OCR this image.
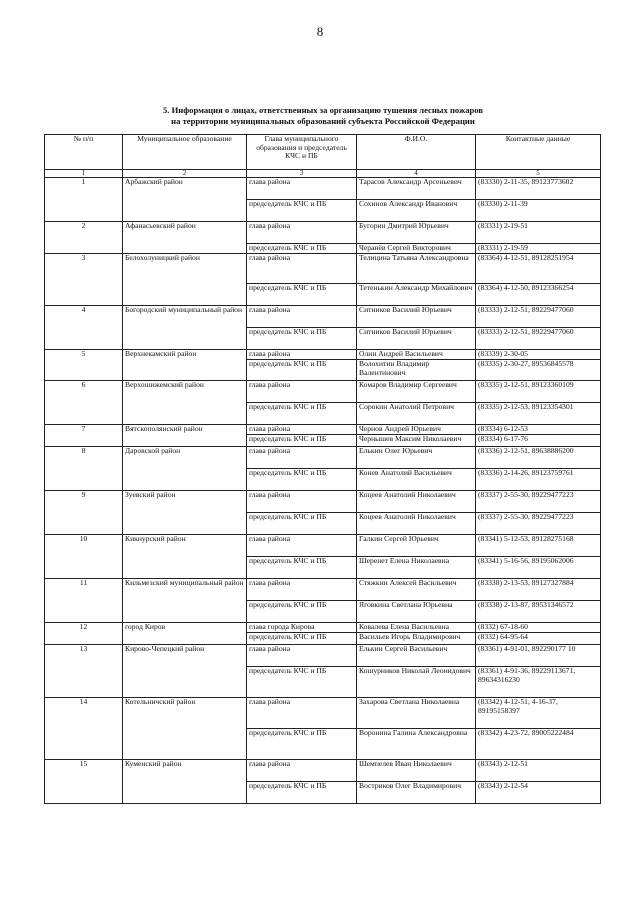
8
5. Информация о лицах, ответственных за организацию тушения лесных пожаров
на территории муниципальных образований субъекта Российской Федерации
№ п/п	Муниципальное образование	Глава муниципального образования и председатель КЧС и ПБ	Ф.И.О.	Контактные данные
1	2	3	4	5
1	Арбажский район	глава района	Тарасов Александр Арсеньевич	(83330) 2-11-35, 89123773602
		председатель КЧС и ПБ	Сохинов Александр Иванович	(83330) 2-11-39
2	Афанасьевский район	глава района	Бугорин Дмитрий Юрьевич	(83331) 2-19-51
		председатель КЧС и ПБ	Черанёв Сергей Викторович	(83331) 2-19-59
3	Белохолуницкий район	глава района	Телицина Татьяна Александровна	(83364) 4-12-51, 89128251954
		председатель КЧС и ПБ	Тетенькин Александр Михайлович	(83364) 4-12-50, 89123366254
4	Богородский муниципальный район	глава района	Ситников Василий Юрьевич	(83333) 2-12-51, 89229477060
		председатель КЧС и ПБ	Ситников Василий Юрьевич	(83333) 2-12-51, 89229477060
5	Верхнекамский район	глава района	Олин Андрей Васильевич	(83339) 2-30-05
		председатель КЧС и ПБ	Волохитин Владимир Валентинович	(83335) 2-30-27, 89536845578
6	Верхошижемский район	глава района	Комаров Владимир Сергеевич	(83335) 2-12-51, 89123360109
		председатель КЧС и ПБ	Сорокин Анатолий Петрович	(83335) 2-12-53, 89123354301
7	Вятскополянский район	глава района	Чернов Андрей Юрьевич	(83334) 6-12-53
		председатель КЧС и ПБ	Чернышев Максим Николаевич	(83334) 6-17-76
8	Даровской район	глава района	Елькин Олег Юрьевич	(83336) 2-12-51, 89638886200
		председатель КЧС и ПБ	Конев Анатолий Васильевич	(83336) 2-14-26, 89123759761
9	Зуевский район	глава района	Коцеев Анатолий Николаевич	(83337) 2-55-30, 89229477223
		председатель КЧС и ПБ	Коцеев Анатолий Николаевич	(83337) 2-55-30, 89229477223
10	Кикнурский район	глава района	Галкин Сергей Юрьевич	(83341) 5-12-53, 89128275168
		председатель КЧС и ПБ	Шеренет Елена Николаевна	(83341) 5-16-56, 89195062006
11	Кильмезский муниципальный район	глава района	Стяжкин Алексей Васильевич	(83338) 2-13-53, 89127327884
		председатель КЧС и ПБ	Яговкина Светлана Юрьевна	(83338) 2-13-87, 89531346572
12	город Киров	глава города Кирова	Ковалева Елена Васильевна	(8332) 67-18-60
		председатель КЧС и ПБ	Васильев Игорь Владимирович	(8332) 64-95-64
13	Кирово-Чепецкий район	глава района	Елькин Сергей Васильевич	(83361) 4-91-01, 892290177 10
		председатель КЧС и ПБ	Кошурников Николай Леонидович	(83361) 4-91-36, 89229113671, 89634316230
14	Котельничский район	глава района	Захарова Светлана Николаевна	(83342) 4-12-51, 4-16-37, 89195158397
		председатель КЧС и ПБ	Воронина Галина Александровна	(83342) 4-23-72, 89005222484
15	Куменский район	глава района	Шемпелев Иван Николаевич	(83343) 2-12-51
		председатель КЧС и ПБ	Востриков Олег Владимирович	(83343) 2-12-54
